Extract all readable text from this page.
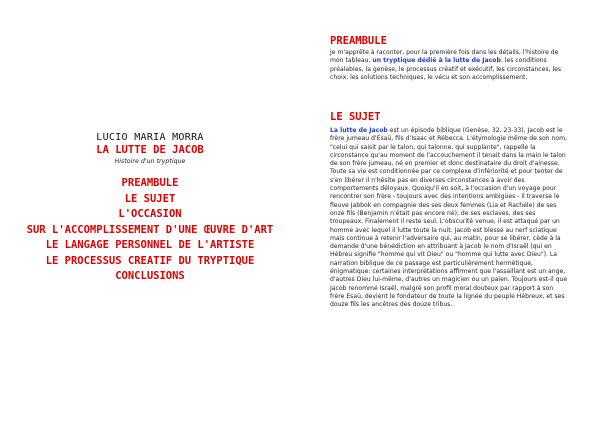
LUCIO MARIA MORRA
LA LUTTE DE JACOB
Histoire d'un tryptique
PREAMBULE
LE SUJET
L'OCCASION
SUR L'ACCOMPLISSEMENT D'UNE ŒUVRE D'ART
LE LANGAGE PERSONNEL DE L'ARTISTE
LE PROCESSUS CREATIF DU TRYPTIQUE
CONCLUSIONS
PREAMBULE

Je m'apprête à raconter, pour la première fois dans les détails, l'histoire de mon tableau, un tryptique dédié à la lutte de Jacob: les conditions préalables, la genèse, le processus créatif et exécutif, les circonstances, les choix, les solutions techniques, le vécu et son accomplissement.

LE SUJET

La lutte de Jacob est un épisode biblique (Genèse, 32, 23-33). Jacob est le frère jumeau d'Esaü, fils d'Isaac et Rébecca. L'étymologie même de son nom, "celui qui saisit par le talon, qui talonne, qui supplante", rappelle la circonstance qu'au moment de l'accouchement il tenait dans la main le talon de son frère jumeau, né en premier et donc destinataire du droit d'ainesse. Toute sa vie est conditionnée par ce complexe d'infériorité et pour tenter de s'en libérer il n'hésite pas en diverses circonstances à avoir des comportements déloyaux. Quoiqu'il en soit, à l'occasion d'un voyage pour rencontrer son frère - toujours avec des intentions ambigües - il traverse le fleuve Jabbok en compagnie des ses deux femmes (Lia et Rachéle) de ses onze fils (Benjamin n'était pas encore né), de ses esclaves, des ses troupeaux. Finalement il reste seul. L'obscurité venue, il est attaqué par un homme avec lequel il lutte toute la nuit. Jacob est blessé au nerf sciatique mais continue à retenir l'adversaire qui, au matin, pour se libérer, cède à la demande d'une bénédiction en attribuant à Jacob le nom d'Israël (qui en Hébreu signifie "homme qui vit Dieu" ou "homme qui lutte avec Dieu"). La narration biblique de ce passage est particulièrement hermétique, énigmatique: certaines interprétations affirment que l'assaillant est un ange, d'autres Dieu lui-même, d'autres un magicien ou un païen. Toujours est-il que Jacob renommé Israël, malgré son profil moral douteux par rapport à son frère Esaü, devient le fondateur de toute la lignée du peuple Hébreux, et ses douze fils les ancêtres des douze tribus.
